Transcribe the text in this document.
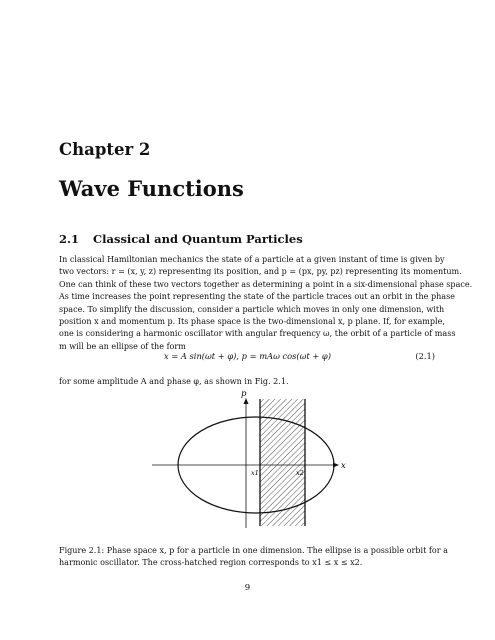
Chapter 2
Wave Functions
2.1 Classical and Quantum Particles
In classical Hamiltonian mechanics the state of a particle at a given instant of time is given by
two vectors: r = (x, y, z) representing its position, and p = (px, py, pz) representing its momentum.
One can think of these two vectors together as determining a point in a six-dimensional phase space.
As time increases the point representing the state of the particle traces out an orbit in the phase
space. To simplify the discussion, consider a particle which moves in only one dimension, with
position x and momentum p. Its phase space is the two-dimensional x, p plane. If, for example,
one is considering a harmonic oscillator with angular frequency ω, the orbit of a particle of mass
m will be an ellipse of the form
x = A sin(ωt + φ), p = mAω cos(ωt + φ)	(2.1)
for some amplitude A and phase φ, as shown in Fig. 2.1.
p
x
x1	x2
Figure 2.1: Phase space x, p for a particle in one dimension. The ellipse is a possible orbit for a
harmonic oscillator. The cross-hatched region corresponds to x1 ≤ x ≤ x2.
9
